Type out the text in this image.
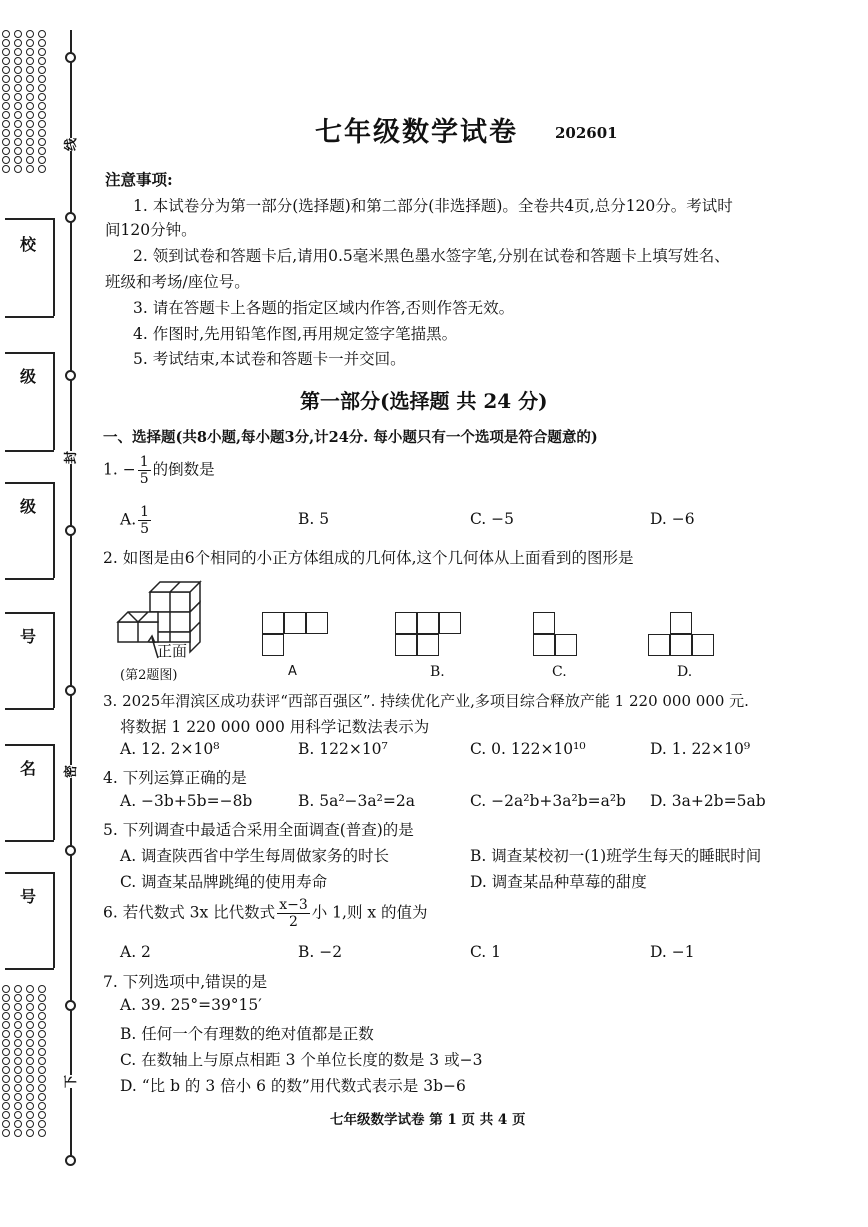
线
封
密
下
校
级
级
号
名
号
七年级数学试卷 202601
注意事项:
1. 本试卷分为第一部分(选择题)和第二部分(非选择题)。全卷共4页,总分120分。考试时
间120分钟。
2. 领到试卷和答题卡后,请用0.5毫米黑色墨水签字笔,分别在试卷和答题卡上填写姓名、
班级和考场/座位号。
3. 请在答题卡上各题的指定区域内作答,否则作答无效。
4. 作图时,先用铅笔作图,再用规定签字笔描黑。
5. 考试结束,本试卷和答题卡一并交回。
第一部分(选择题 共 24 分)
一、选择题(共8小题,每小题3分,计24分. 每小题只有一个选项是符合题意的)
1. − $\frac{1}{5}$ 的倒数是
A. $\frac{1}{5}$	B. 5	C. −5	D. −6
2. 如图是由6个相同的小正方体组成的几何体,这个几何体从上面看到的图形是
正面
(第2题图)	A	B.	C.	D.
3. 2025年渭滨区成功获评“西部百强区”. 持续优化产业,多项目综合释放产能 1 220 000 000 元.
将数据 1 220 000 000 用科学记数法表示为
A. 12. 2×10⁸	B. 122×10⁷	C. 0. 122×10¹⁰	D. 1. 22×10⁹
4. 下列运算正确的是
A. −3b+5b=−8b	B. 5a²−3a²=2a	C. −2a²b+3a²b=a²b D. 3a+2b=5ab
5. 下列调查中最适合采用全面调查(普查)的是
A. 调查陕西省中学生每周做家务的时长	B. 调查某校初一(1)班学生每天的睡眠时间
C. 调查某品牌跳绳的使用寿命	D. 调查某品种草莓的甜度
6. 若代数式 3x 比代数式 $\frac{x-3}{2}$ 小 1,则 x 的值为
A. 2	B. −2	C. 1	D. −1
7. 下列选项中,错误的是
A. 39. 25°=39°15′
B. 任何一个有理数的绝对值都是正数
C. 在数轴上与原点相距 3 个单位长度的数是 3 或−3
D. “比 b 的 3 倍小 6 的数”用代数式表示是 3b−6
七年级数学试卷 第 1 页 共 4 页
